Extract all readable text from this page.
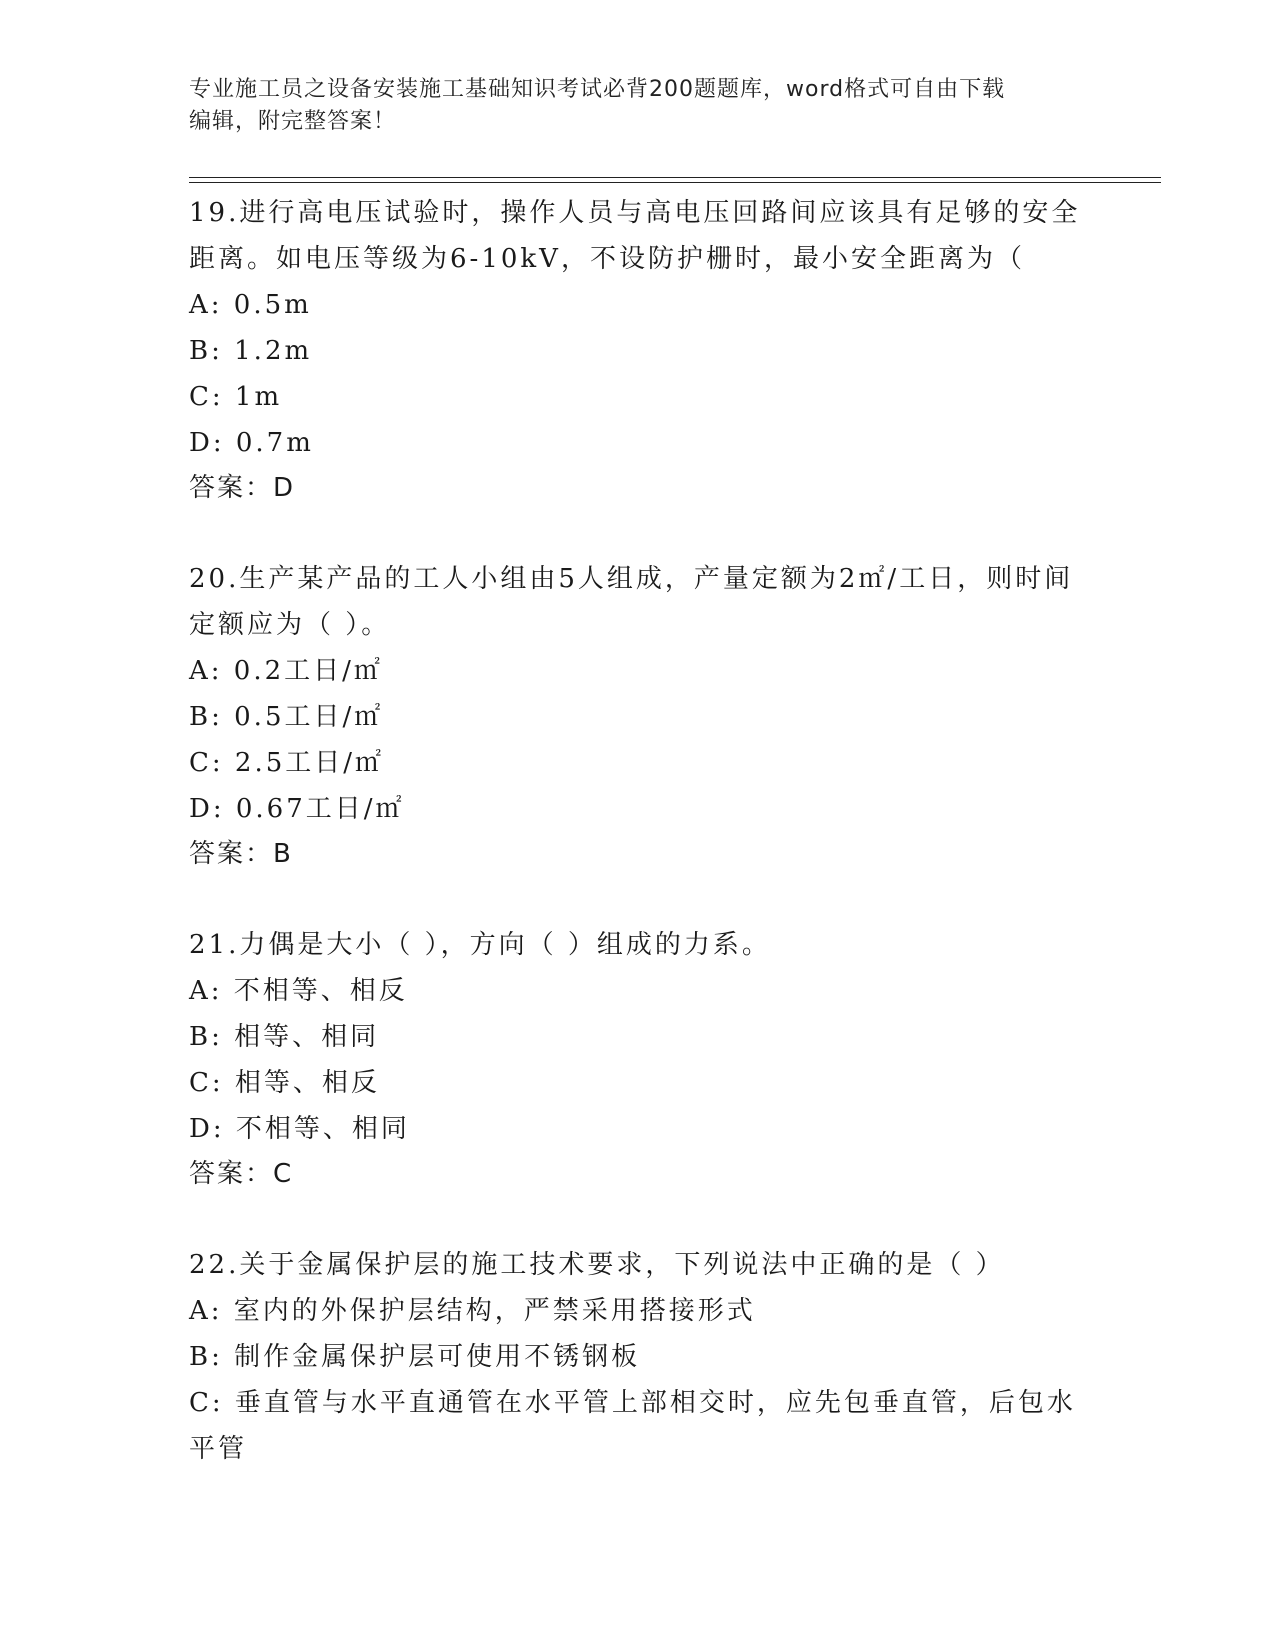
专业施工员之设备安装施工基础知识考试必背200题题库，word格式可自由下载
编辑，附完整答案！

19.进行高电压试验时，操作人员与高电压回路间应该具有足够的安全

距离。如电压等级为6-10kV，不设防护栅时，最小安全距离为（

A: 0.5m

B: 1.2m

C: 1m

D: 0.7m

答案：D

20.生产某产品的工人小组由5人组成，产量定额为2㎡/工日，则时间

定额应为（ ）。

A: 0.2工日/㎡

B: 0.5工日/㎡

C: 2.5工日/㎡

D: 0.67工日/㎡

答案：B

21.力偶是大小（ ），方向（ ）组成的力系。

A: 不相等、相反

B: 相等、相同

C: 相等、相反

D: 不相等、相同

答案：C

22.关于金属保护层的施工技术要求，下列说法中正确的是（ ）

A: 室内的外保护层结构，严禁采用搭接形式

B: 制作金属保护层可使用不锈钢板

C: 垂直管与水平直通管在水平管上部相交时，应先包垂直管，后包水

平管
